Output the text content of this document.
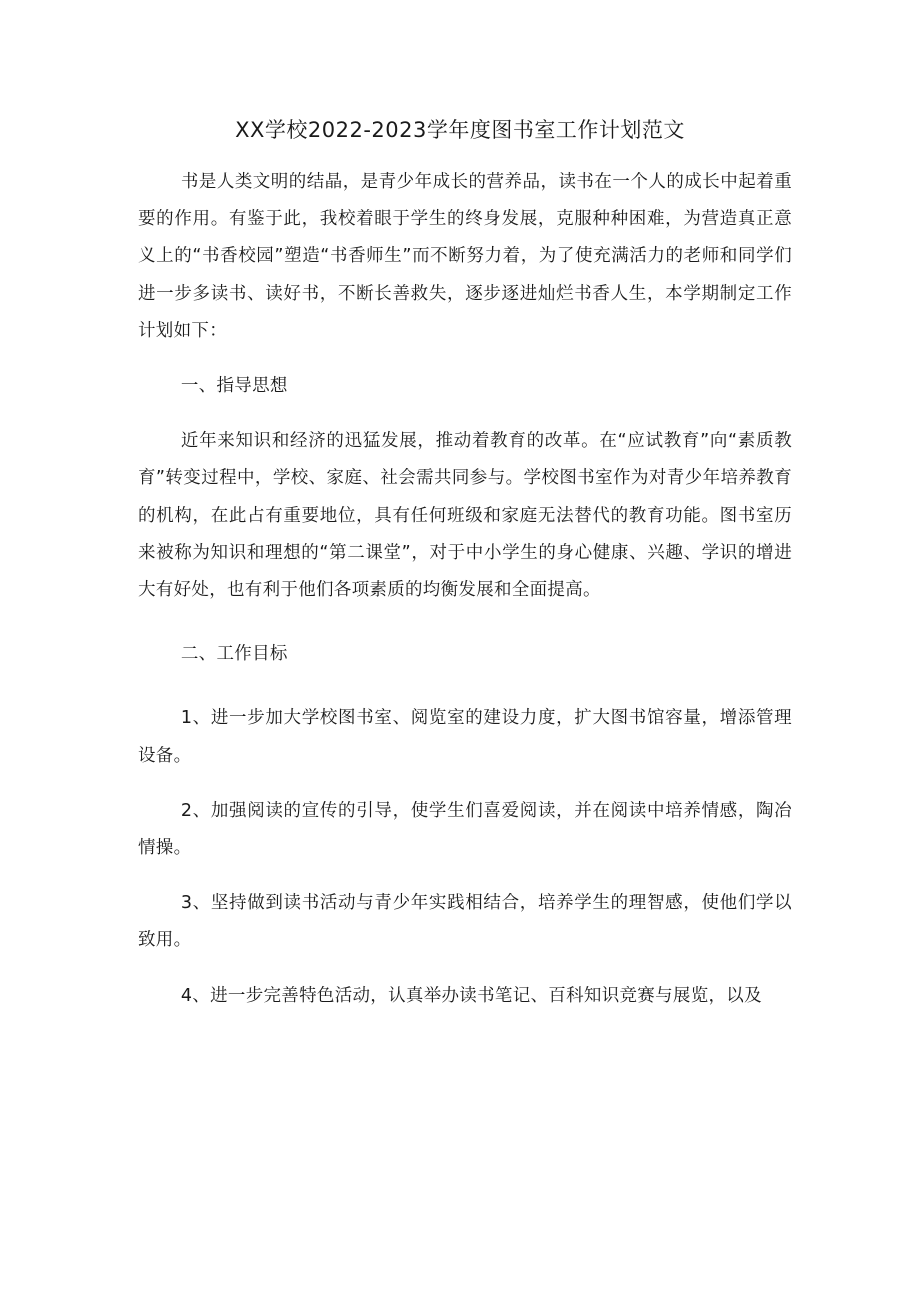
XX学校2022-2023学年度图书室工作计划范文

书是人类文明的结晶，是青少年成长的营养品，读书在一个人的成长中起着重要的作用。有鉴于此，我校着眼于学生的终身发展，克服种种困难，为营造真正意义上的“书香校园”塑造“书香师生”而不断努力着，为了使充满活力的老师和同学们进一步多读书、读好书，不断长善救失，逐步逐进灿烂书香人生，本学期制定工作计划如下：

一、指导思想

近年来知识和经济的迅猛发展，推动着教育的改革。在“应试教育”向“素质教育”转变过程中，学校、家庭、社会需共同参与。学校图书室作为对青少年培养教育的机构，在此占有重要地位，具有任何班级和家庭无法替代的教育功能。图书室历来被称为知识和理想的“第二课堂”，对于中小学生的身心健康、兴趣、学识的增进大有好处，也有利于他们各项素质的均衡发展和全面提高。

二、工作目标

1、进一步加大学校图书室、阅览室的建设力度，扩大图书馆容量，增添管理设备。

2、加强阅读的宣传的引导，使学生们喜爱阅读，并在阅读中培养情感，陶冶情操。

3、坚持做到读书活动与青少年实践相结合，培养学生的理智感，使他们学以致用。

4、进一步完善特色活动，认真举办读书笔记、百科知识竞赛与展览，以及
